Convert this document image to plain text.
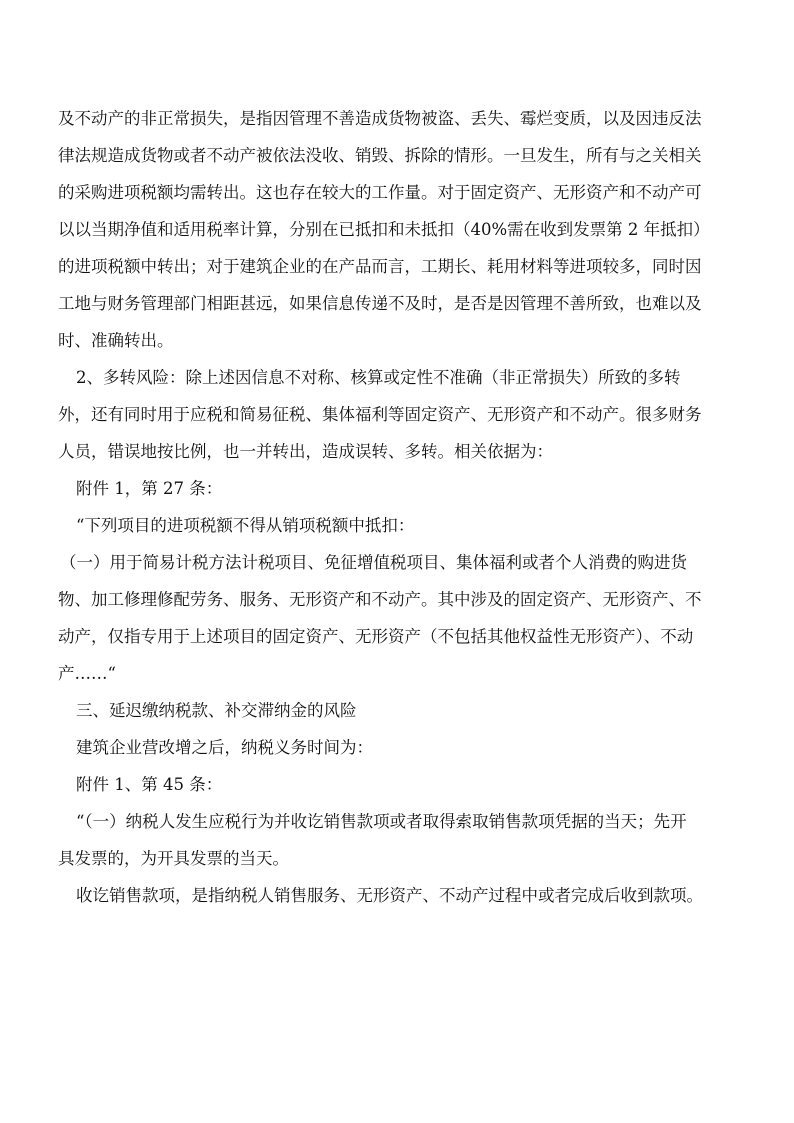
及不动产的非正常损失，是指因管理不善造成货物被盗、丢失、霉烂变质，以及因违反法
律法规造成货物或者不动产被依法没收、销毁、拆除的情形。一旦发生，所有与之关相关
的采购进项税额均需转出。这也存在较大的工作量。对于固定资产、无形资产和不动产可
以以当期净值和适用税率计算，分别在已抵扣和未抵扣（40%需在收到发票第 2 年抵扣）
的进项税额中转出；对于建筑企业的在产品而言，工期长、耗用材料等进项较多，同时因
工地与财务管理部门相距甚远，如果信息传递不及时，是否是因管理不善所致，也难以及
时、准确转出。
2、多转风险：除上述因信息不对称、核算或定性不准确（非正常损失）所致的多转
外，还有同时用于应税和简易征税、集体福利等固定资产、无形资产和不动产。很多财务
人员，错误地按比例，也一并转出，造成误转、多转。相关依据为：
附件 1，第 27 条：
“下列项目的进项税额不得从销项税额中抵扣：
（一）用于简易计税方法计税项目、免征增值税项目、集体福利或者个人消费的购进货
物、加工修理修配劳务、服务、无形资产和不动产。其中涉及的固定资产、无形资产、不
动产，仅指专用于上述项目的固定资产、无形资产（不包括其他权益性无形资产）、不动
产……“
三、延迟缴纳税款、补交滞纳金的风险
建筑企业营改增之后，纳税义务时间为：
附件 1、第 45 条：
“（一）纳税人发生应税行为并收讫销售款项或者取得索取销售款项凭据的当天；先开
具发票的，为开具发票的当天。
收讫销售款项，是指纳税人销售服务、无形资产、不动产过程中或者完成后收到款项。
